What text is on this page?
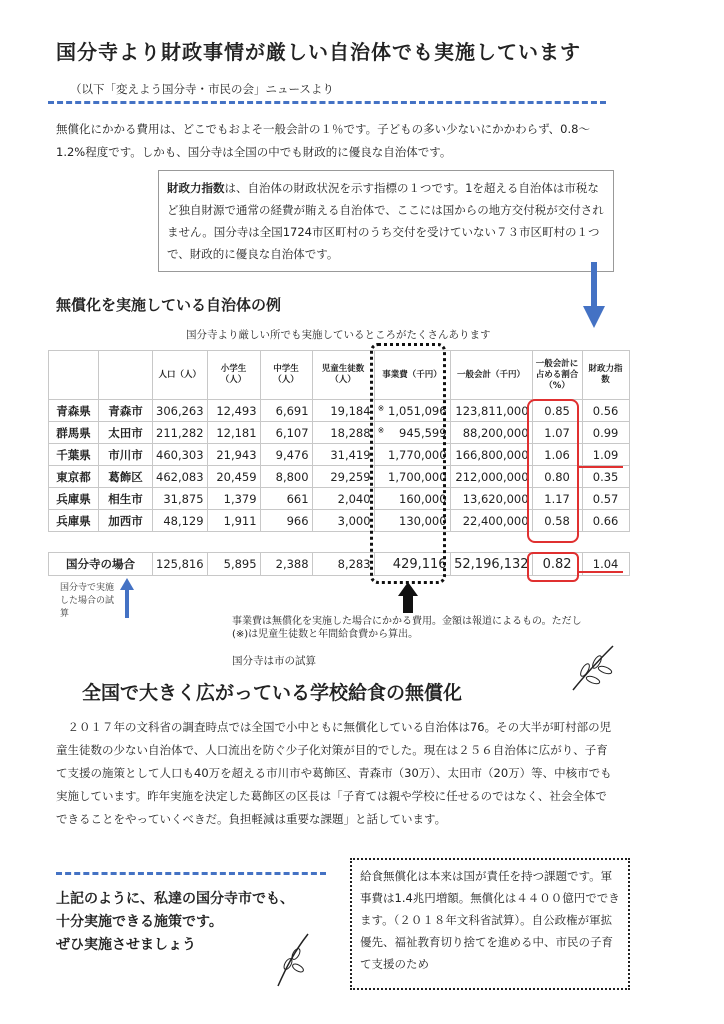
国分寺より財政事情が厳しい自治体でも実施しています
（以下「変えよう国分寺・市民の会」ニュースより
無償化にかかる費用は、どこでもおよそ一般会計の１％です。子どもの多い少ないにかかわらず、0.8〜1.2%程度です。しかも、国分寺は全国の中でも財政的に優良な自治体です。
財政力指数は、自治体の財政状況を示す指標の１つです。1を超える自治体は市税など独自財源で通常の経費が賄える自治体で、ここには国からの地方交付税が交付されません。国分寺は全国1724市区町村のうち交付を受けていない７３市区町村の１つで、財政的に優良な自治体です。
無償化を実施している自治体の例
国分寺より厳しい所でも実施しているところがたくさんあります
		人口（人）	小学生（人）	中学生（人）	児童生徒数（人）	事業費（千円）	一般会計（千円）	一般会計に占める割合（%）	財政力指数
青森県	青森市	306,263	12,493	6,691	19,184	※ 1,051,096	123,811,000	0.85	0.56
群馬県	太田市	211,282	12,181	6,107	18,288	※ 945,599	88,200,000	1.07	0.99
千葉県	市川市	460,303	21,943	9,476	31,419	1,770,000	166,800,000	1.06	1.09
東京都	葛飾区	462,083	20,459	8,800	29,259	1,700,000	212,000,000	0.80	0.35
兵庫県	相生市	31,875	1,379	661	2,040	160,000	13,620,000	1.17	0.57
兵庫県	加西市	48,129	1,911	966	3,000	130,000	22,400,000	0.58	0.66
国分寺の場合	125,816	5,895	2,388	8,283	429,116	52,196,132	0.82	1.04
国分寺で実施した場合の試算
事業費は無償化を実施した場合にかかる費用。金額は報道によるもの。ただし(※)は児童生徒数と年間給食費から算出。
国分寺は市の試算
全国で大きく広がっている学校給食の無償化
　２０１７年の文科省の調査時点では全国で小中ともに無償化している自治体は76。その大半が町村部の児童生徒数の少ない自治体で、人口流出を防ぐ少子化対策が目的でした。現在は２５６自治体に広がり、子育て支援の施策として人口も40万を超える市川市や葛飾区、青森市（30万）、太田市（20万）等、中核市でも実施しています。昨年実施を決定した葛飾区の区長は「子育ては親や学校に任せるのではなく、社会全体でできることをやっていくべきだ。負担軽減は重要な課題」と話しています。
上記のように、私達の国分寺市でも、
十分実施できる施策です。
ぜひ実施させましょう
給食無償化は本来は国が責任を持つ課題です。軍事費は1.4兆円増額。無償化は４４００億円でできます。（２０１８年文科省試算）。自公政権が軍拡優先、福祉教育切り捨てを進める中、市民の子育て支援のため
